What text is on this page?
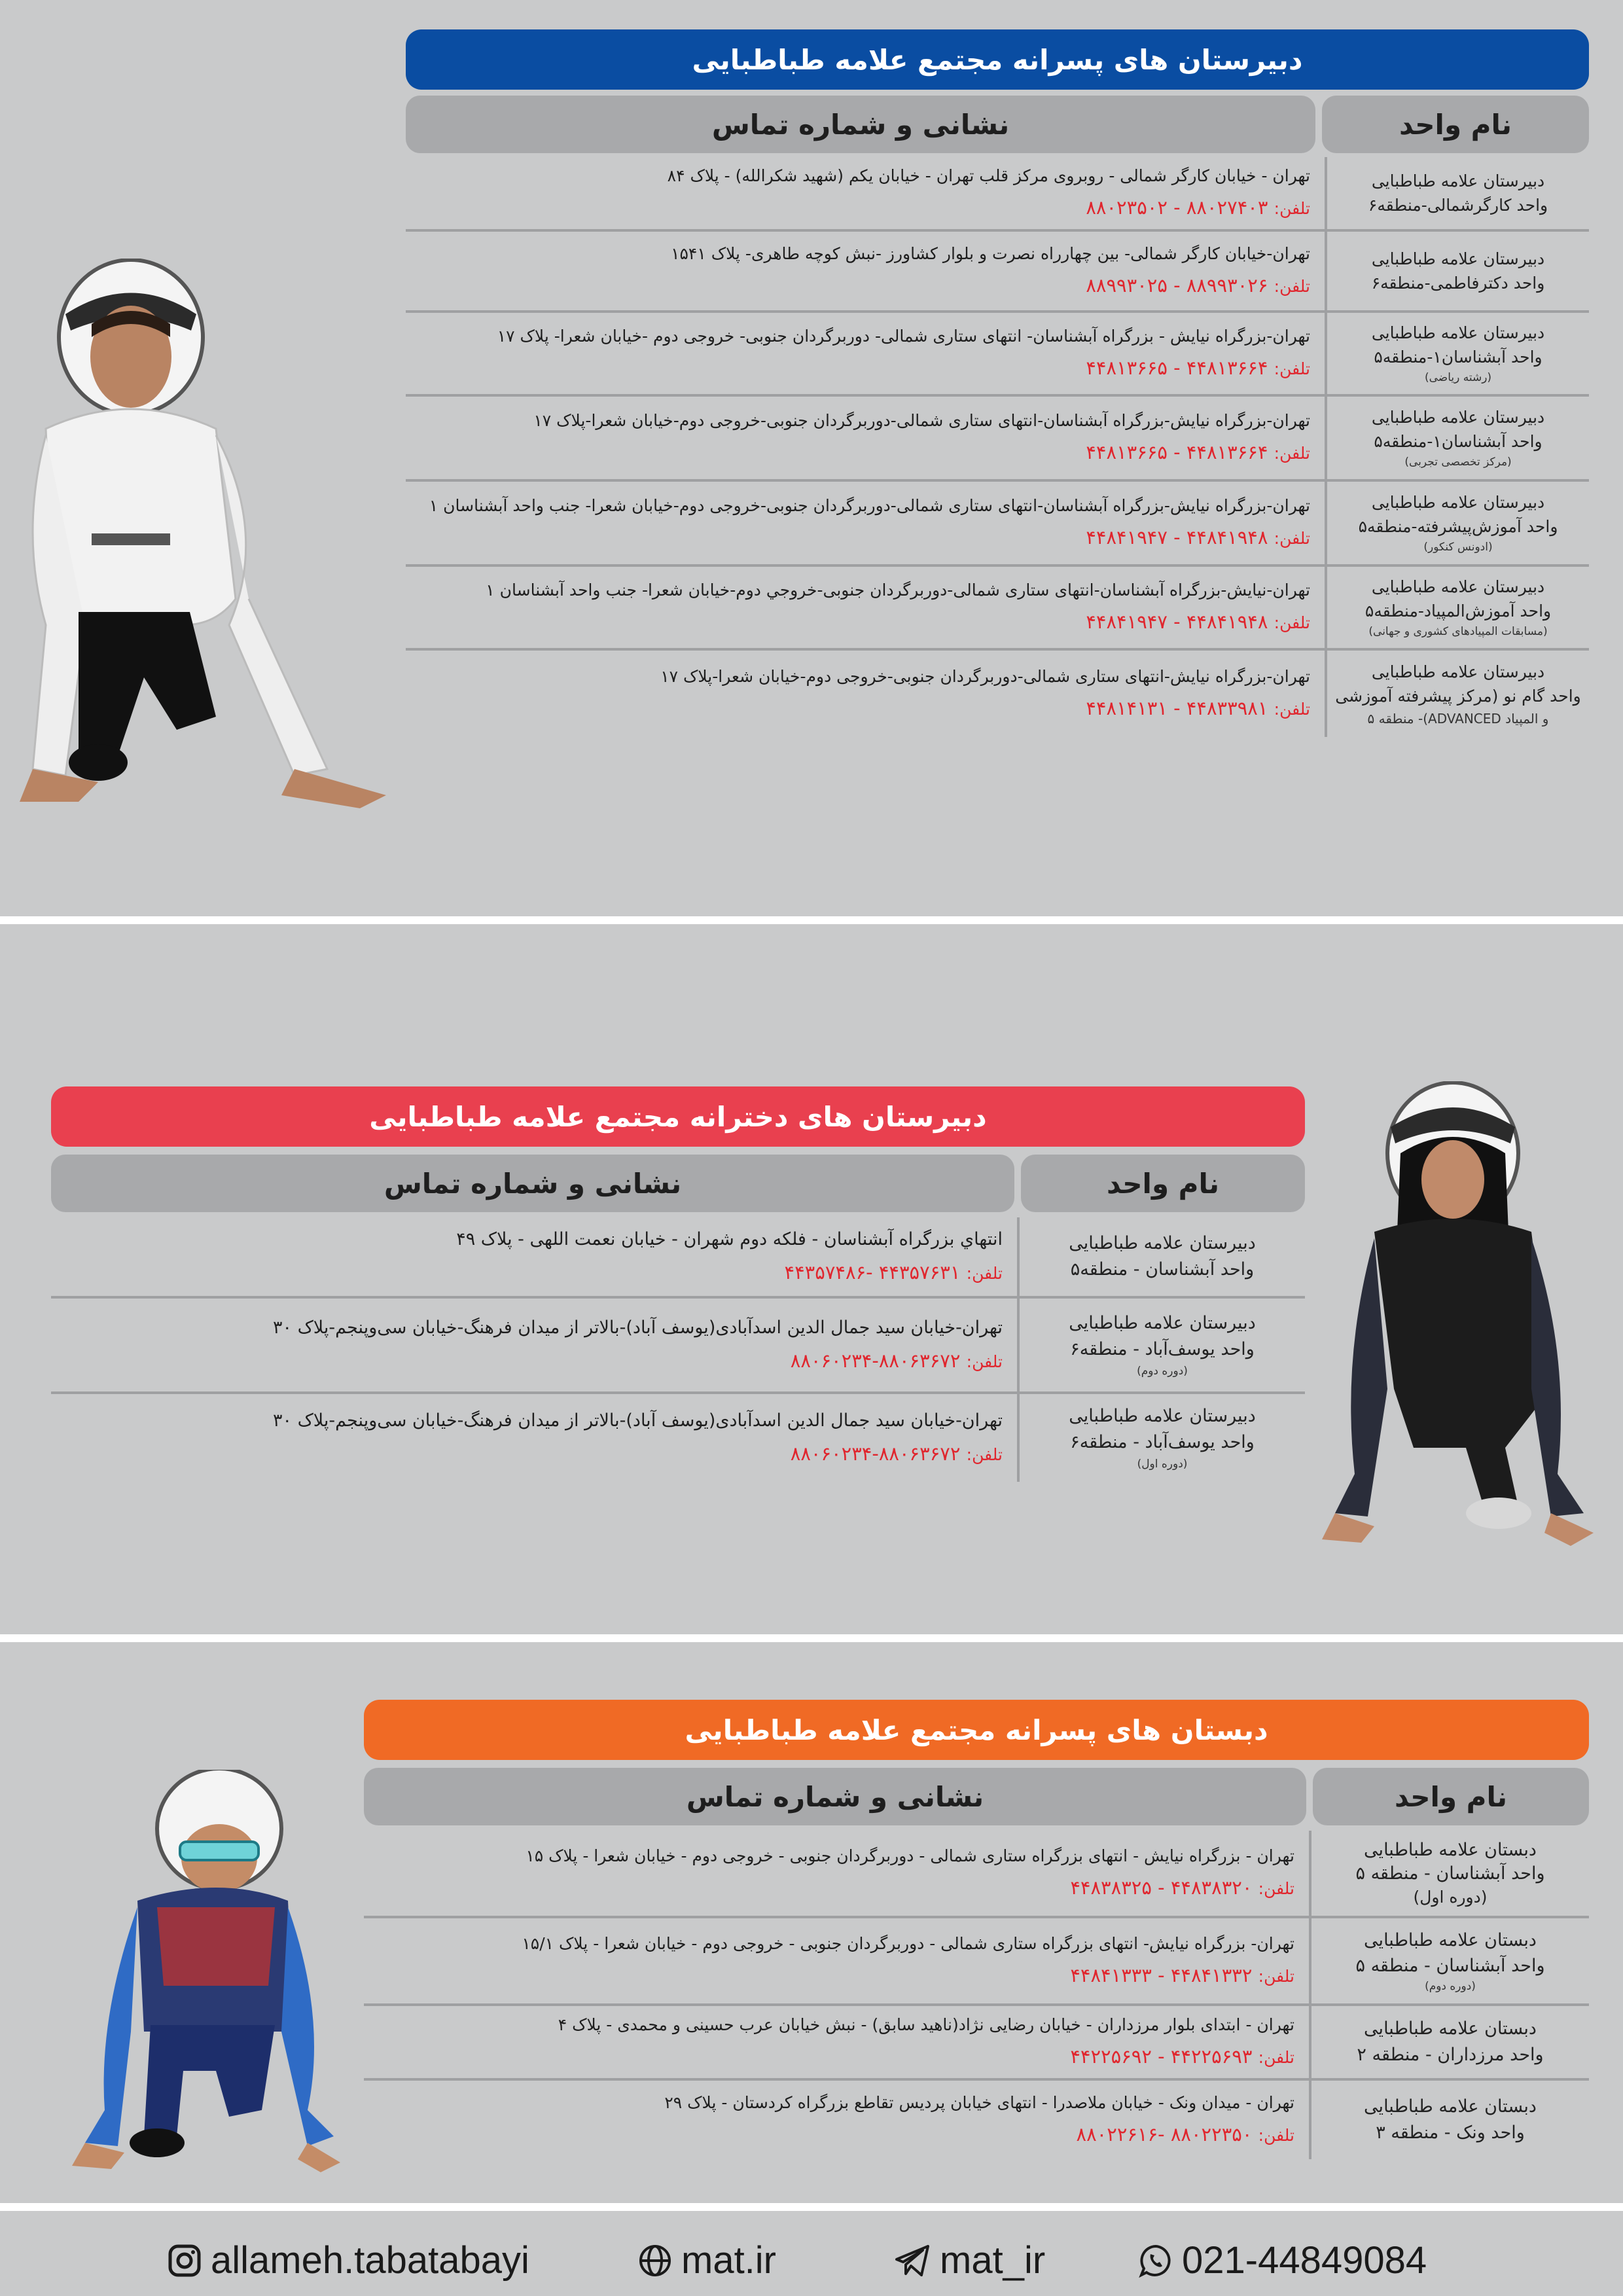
دبیرستان های پسرانه مجتمع علامه طباطبایی
نام واحد
نشانی و شماره تماس
دبیرستان علامه طباطبایی
واحد کارگرشمالی-منطقه۶
تهران - خیابان کارگر شمالی - روبروی مرکز قلب تهران - خیابان یکم (شهید شکرالله) - پلاک ۸۴
تلفن: ۸۸۰۲۷۴۰۳ - ۸۸۰۲۳۵۰۲
دبیرستان علامه طباطبایی
واحد دکترفاطمی-منطقه۶
تهران-خیابان کارگر شمالی- بین چهارراه نصرت و بلوار کشاورز -نبش کوچه طاهری- پلاک ۱۵۴۱
تلفن: ۸۸۹۹۳۰۲۶ - ۸۸۹۹۳۰۲۵
دبیرستان علامه طباطبایی
واحد آبشناسان۱-منطقه۵
(رشته ریاضی)
تهران-بزرگراه نیایش - بزرگراه آبشناسان- انتهای ستاری شمالی- دوربرگردان جنوبی- خروجی دوم -خیابان شعرا- پلاک ۱۷
تلفن: ۴۴۸۱۳۶۶۴ - ۴۴۸۱۳۶۶۵
دبیرستان علامه طباطبایی
واحد آبشناسان۱-منطقه۵
(مرکز تخصصی تجربی)
تهران-بزرگراه نیایش-بزرگراه آبشناسان-انتهای ستاری شمالی-دوربرگردان جنوبی-خروجی دوم-خیابان شعرا-پلاک ۱۷
تلفن: ۴۴۸۱۳۶۶۴ - ۴۴۸۱۳۶۶۵
دبیرستان علامه طباطبایی
واحد آموزش‌پیشرفته-منطقه۵
(ادونس کنکور)
تهران-بزرگراه نیایش-بزرگراه آبشناسان-انتهای ستاری شمالی-دوربرگردان جنوبی-خروجی دوم-خیابان شعرا- جنب واحد آبشناسان ۱
تلفن: ۴۴۸۴۱۹۴۸ - ۴۴۸۴۱۹۴۷
دبیرستان علامه طباطبایی
واحد آموزش‌المپیاد-منطقه۵
(مسابقات المپیادهای کشوری و جهانی)
تهران-نیایش-بزرگراه آبشناسان-انتهای ستاری شمالی-دوربرگردان جنوبی-خروجي دوم-خیابان شعرا- جنب واحد آبشناسان ۱
تلفن: ۴۴۸۴۱۹۴۸ - ۴۴۸۴۱۹۴۷
دبیرستان علامه طباطبایی
واحد گام نو (مرکز پیشرفته آموزشی
و المپیاد ADVANCED)- منطقه ۵
تهران-بزرگراه نیایش-انتهای ستاری شمالی-دوربرگردان جنوبی-خروجی دوم-خیابان شعرا-پلاک ۱۷
تلفن: ۴۴۸۳۳۹۸۱ - ۴۴۸۱۴۱۳۱
دبیرستان های دخترانه مجتمع علامه طباطبایی
نام واحد
نشانی و شماره تماس
دبیرستان علامه طباطبایی
واحد آبشناسان - منطقه۵
انتهاي بزرگراه آبشناسان - فلکه دوم شهران - خیابان نعمت اللهی - پلاک ۴۹
تلفن: ۴۴۳۵۷۶۳۱ -۴۴۳۵۷۴۸۶
دبیرستان علامه طباطبایی
واحد یوسف‌آباد - منطقه۶
(دوره دوم)
تهران-خیابان سید جمال الدین اسدآبادی(یوسف آباد)-بالاتر از میدان فرهنگ-خیابان سی‌وپنجم-پلاک ۳۰
تلفن: ۸۸۰۶۳۶۷۲-۸۸۰۶۰۲۳۴
دبیرستان علامه طباطبایی
واحد یوسف‌آباد - منطقه۶
(دوره اول)
تهران-خیابان سید جمال الدین اسدآبادی(یوسف آباد)-بالاتر از میدان فرهنگ-خیابان سی‌وپنجم-پلاک ۳۰
تلفن: ۸۸۰۶۳۶۷۲-۸۸۰۶۰۲۳۴
دبستان های پسرانه مجتمع علامه طباطبایی
نام واحد
نشانی و شماره تماس
دبستان علامه طباطبایی
واحد آبشناسان - منطقه ۵
(دوره اول)
تهران - بزرگراه نیایش - انتهای بزرگراه ستاری شمالی - دوربرگردان جنوبی - خروجی دوم - خیابان شعرا - پلاک ۱۵
تلفن: ۴۴۸۳۸۳۲۰ - ۴۴۸۳۸۳۲۵
دبستان علامه طباطبایی
واحد آبشناسان - منطقه ۵
(دوره دوم)
تهران- بزرگراه نیایش- انتهای بزرگراه ستاری شمالی - دوربرگردان جنوبی - خروجی دوم - خیابان شعرا - پلاک ۱۵/۱
تلفن: ۴۴۸۴۱۳۳۲ - ۴۴۸۴۱۳۳۳
دبستان علامه طباطبایی
واحد مرزداران - منطقه ۲
تهران - ابتدای بلوار مرزداران - خیابان رضایی نژاد(ناهید سابق) - نبش خیابان عرب حسینی و محمدی - پلاک ۴
تلفن: ۴۴۲۲۵۶۹۳ - ۴۴۲۲۵۶۹۲
دبستان علامه طباطبایی
واحد ونک - منطقه ۳
تهران - میدان ونک - خیابان ملاصدرا - انتهای خیابان پردیس تقاطع بزرگراه کردستان - پلاک ۲۹
تلفن: ۸۸۰۲۲۳۵۰ -۸۸۰۲۲۶۱۶
allameh.tabatabayi	mat.ir	mat_ir	021-44849084
